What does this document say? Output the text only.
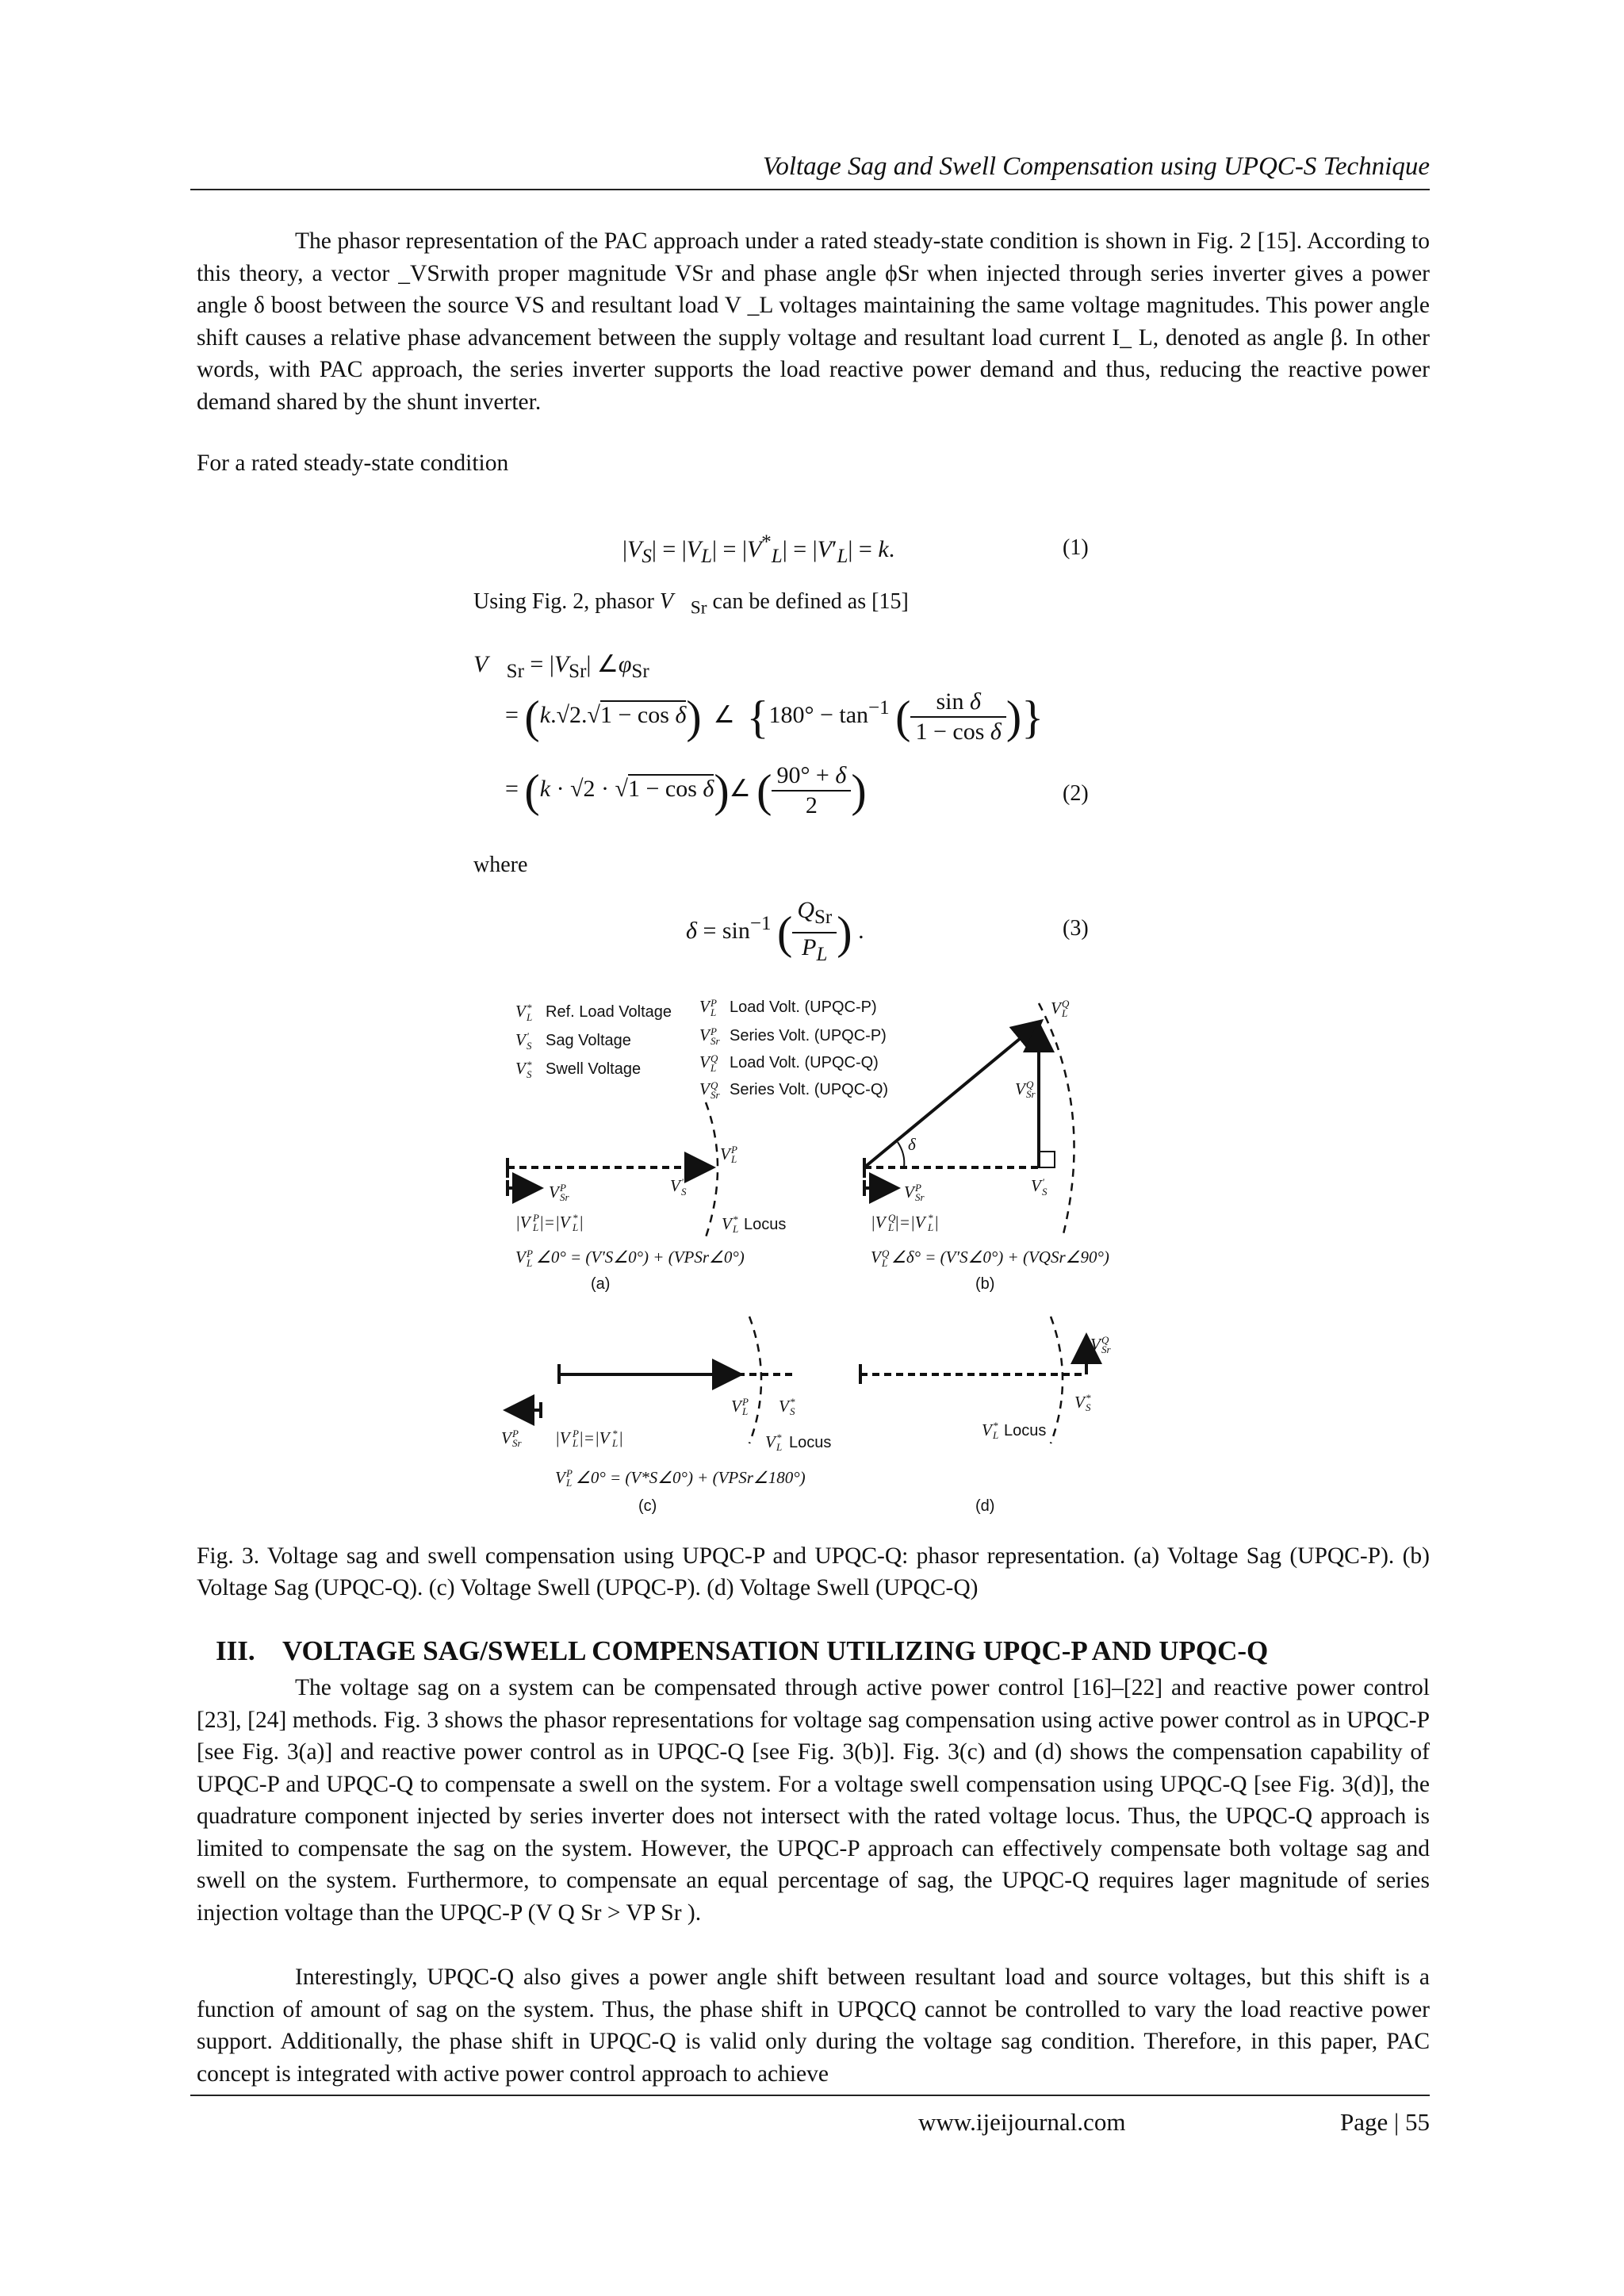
Voltage Sag and Swell Compensation using UPQC-S Technique

The phasor representation of the PAC approach under a rated steady-state condition is shown in Fig. 2 [15]. According to this theory, a vector _VSrwith proper magnitude VSr and phase angle ϕSr when injected through series inverter gives a power angle δ boost between the source VS and resultant load V _L voltages maintaining the same voltage magnitudes. This power angle shift causes a relative phase advancement between the supply voltage and resultant load current I_ L, denoted as angle β. In other words, with PAC approach, the series inverter supports the load reactive power demand and thus, reducing the reactive power demand shared by the shunt inverter.

For a rated steady-state condition
$|V_S| = |V_L| = |V^*_L| = |V'_L| = k$.	(1)
Using Fig. 2, phasor $V⃗_{Sr}$ can be defined as [15]
$V⃗_{Sr} = |V_{Sr}|$ $\angle\varphi_{Sr}$
= (k.√2.√1 − cos δ)  ∠  {$180^\circ - \tan^{-1}$ ( $\frac{\text{sin δ}}{\text{1 − cos δ}}$ )}
= (k · √2 · √1 − cos δ)∠ ( $\frac{90^\circ + \delta}{2}$ )	(2)
where
$\delta = \sin^{-1}$ ( $\frac{Q_{Sr}}{P_L}$ ) .	(3)
V *
L Ref. Load Voltage
V '
S Sag Voltage
V *
S Swell Voltage
V P
L Load Volt. (UPQC-P)
V P
Sr Series Volt. (UPQC-P)
V Q
L Load Volt. (UPQC-Q)
V Q
Sr Series Volt. (UPQC-Q)
V P
Sr
V '
S
V P
L
V *
L Locus
|V P
L |=|V *
L |
V P
L ∠0° = (V′S∠0°) + (VPSr∠0°)
(a)
δ
V Q
L
V Q
Sr
V P
Sr
V '
S
|V Q
L |=|V *
L |
V Q
L ∠δ° = (V′S∠0°) + (VQSr∠90°)
(b)
V P
Sr
V P
L V *
S
V *
L Locus
|V P
L |=|V *
L |
V P
L ∠0° = (V*S∠0°) + (VPSr∠180°)
(c)
V Q
Sr
V *
S
V *
L Locus
(d)

Fig. 3. Voltage sag and swell compensation using UPQC-P and UPQC-Q: phasor representation. (a) Voltage Sag (UPQC-P). (b) Voltage Sag (UPQC-Q). (c) Voltage Swell (UPQC-P). (d) Voltage Swell (UPQC-Q)

III.    VOLTAGE SAG/SWELL COMPENSATION UTILIZING UPQC-P AND UPQC-Q

The voltage sag on a system can be compensated through active power control [16]–[22] and reactive power control [23], [24] methods. Fig. 3 shows the phasor representations for voltage sag compensation using active power control as in UPQC-P [see Fig. 3(a)] and reactive power control as in UPQC-Q [see Fig. 3(b)]. Fig. 3(c) and (d) shows the compensation capability of UPQC-P and UPQC-Q to compensate a swell on the system. For a voltage swell compensation using UPQC-Q [see Fig. 3(d)], the quadrature component injected by series inverter does not intersect with the rated voltage locus. Thus, the UPQC-Q approach is limited to compensate the sag on the system. However, the UPQC-P approach can effectively compensate both voltage sag and swell on the system. Furthermore, to compensate an equal percentage of sag, the UPQC-Q requires lager magnitude of series injection voltage than the UPQC-P (V Q Sr > VP Sr ).

Interestingly, UPQC-Q also gives a power angle shift between resultant load and source voltages, but this shift is a function of amount of sag on the system. Thus, the phase shift in UPQCQ cannot be controlled to vary the load reactive power support. Additionally, the phase shift in UPQC-Q is valid only during the voltage sag condition. Therefore, in this paper, PAC concept is integrated with active power control approach to achieve

www.ijeijournal.com	Page | 55
